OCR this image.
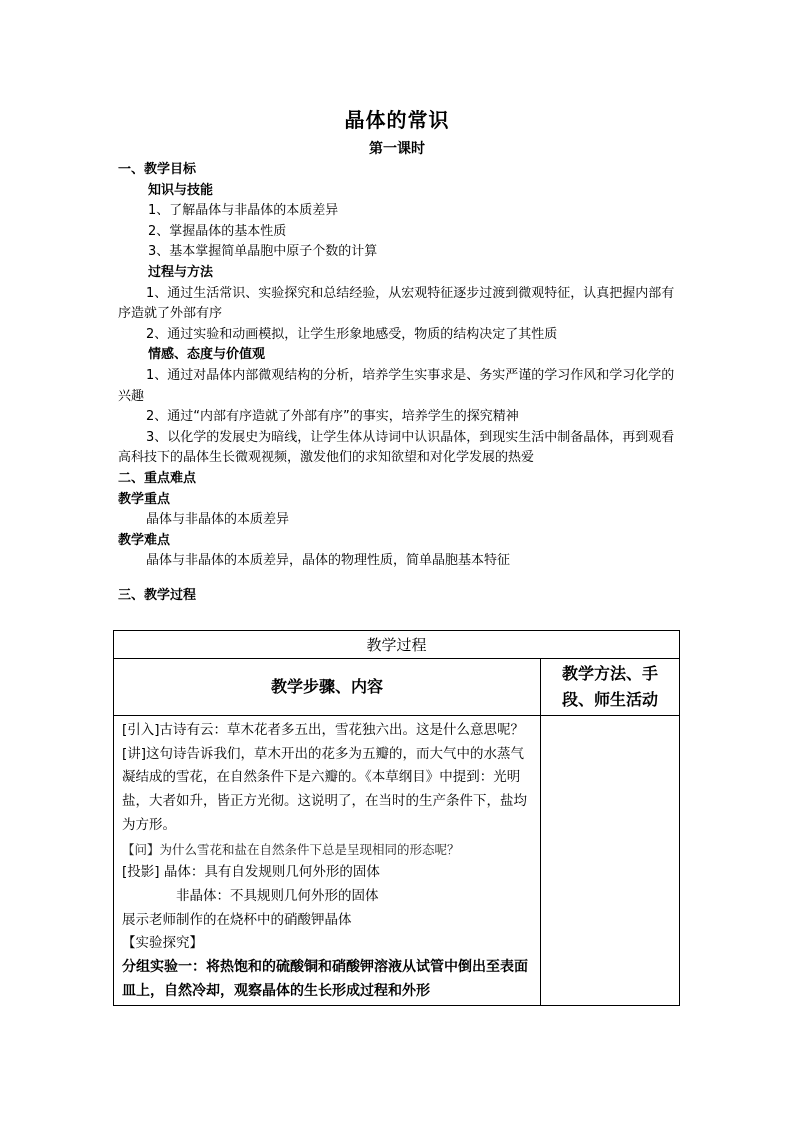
晶体的常识
第一课时

一、教学目标

知识与技能

1、了解晶体与非晶体的本质差异

2、掌握晶体的基本性质

3、基本掌握简单晶胞中原子个数的计算

过程与方法

1、通过生活常识、实验探究和总结经验，从宏观特征逐步过渡到微观特征，认真把握内部有序造就了外部有序

2、通过实验和动画模拟，让学生形象地感受，物质的结构决定了其性质

情感、态度与价值观

1、通过对晶体内部微观结构的分析，培养学生实事求是、务实严谨的学习作风和学习化学的兴趣

2、通过“内部有序造就了外部有序”的事实，培养学生的探究精神

3、以化学的发展史为暗线，让学生体从诗词中认识晶体，到现实生活中制备晶体，再到观看高科技下的晶体生长微观视频，激发他们的求知欲望和对化学发展的热爱

二、重点难点

教学重点

晶体与非晶体的本质差异

教学难点

晶体与非晶体的本质差异，晶体的物理性质，简单晶胞基本特征

三、教学过程

教学过程
教学步骤、内容
教学方法、手段、师生活动

[引入]古诗有云：草木花者多五出，雪花独六出。这是什么意思呢？

[讲]这句诗告诉我们，草木开出的花多为五瓣的，而大气中的水蒸气凝结成的雪花，在自然条件下是六瓣的。《本草纲目》中提到：光明盐，大者如升，皆正方光彻。这说明了，在当时的生产条件下，盐均为方形。

【问】为什么雪花和盐在自然条件下总是呈现相同的形态呢？

[投影] 晶体：具有自发规则几何外形的固体

非晶体：不具规则几何外形的固体

展示老师制作的在烧杯中的硝酸钾晶体

【实验探究】

分组实验一：将热饱和的硫酸铜和硝酸钾溶液从试管中倒出至表面皿上，自然冷却，观察晶体的生长形成过程和外形
